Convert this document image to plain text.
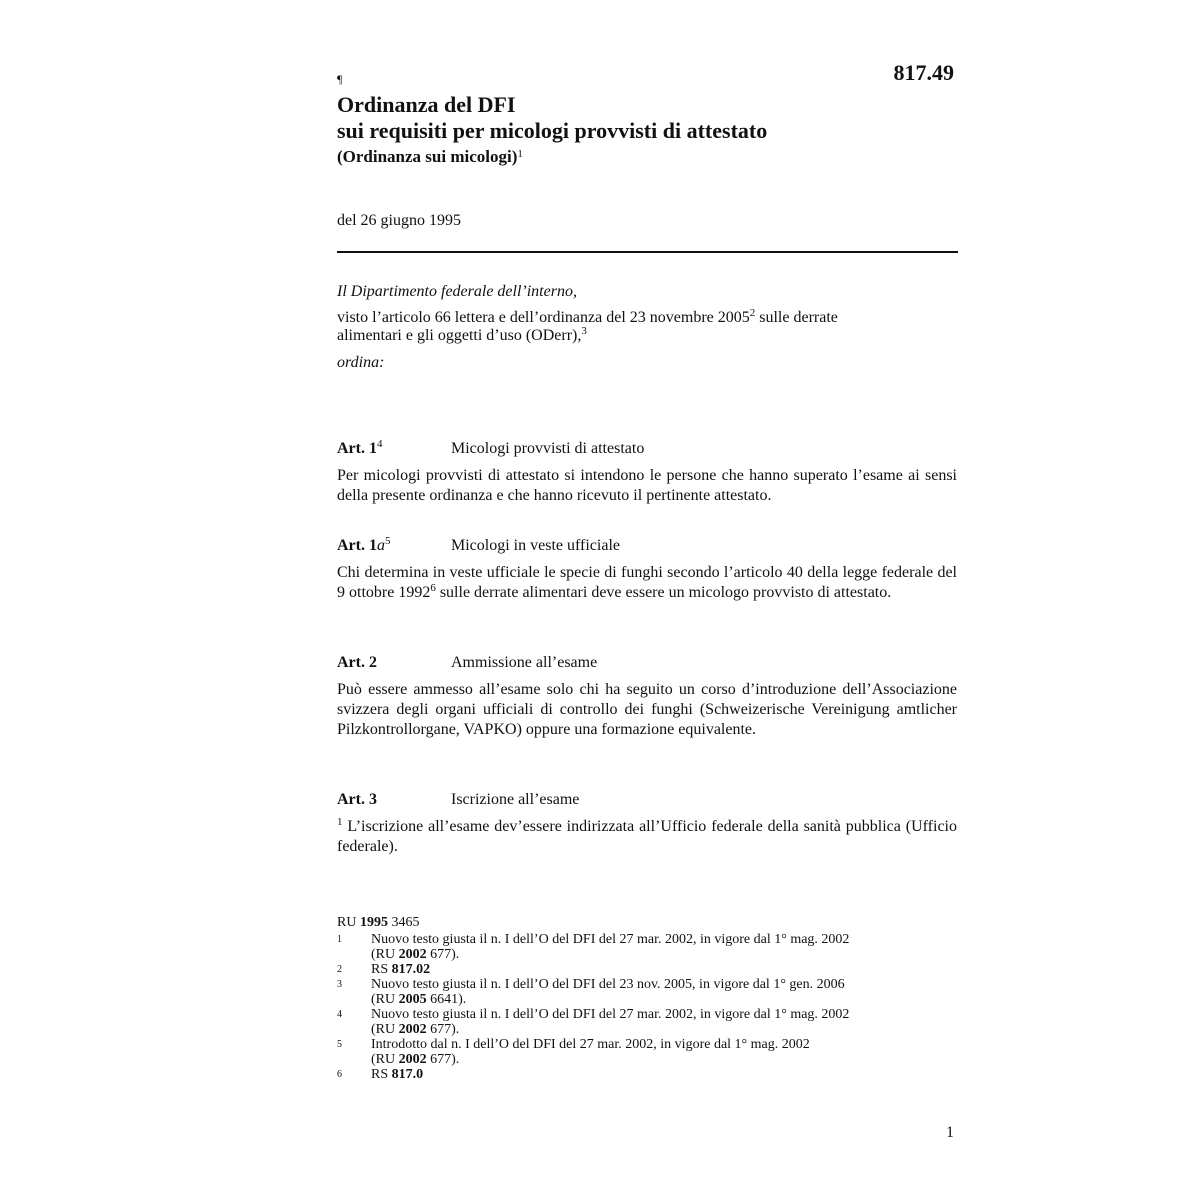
¶	817.49
Ordinanza del DFI
sui requisiti per micologi provvisti di attestato
(Ordinanza sui micologi)$^1$
del 26 giugno 1995
Il Dipartimento federale dell’interno,
visto l’articolo 66 lettera e dell’ordinanza del 23 novembre 2005$^2$ sulle derrate
alimentari e gli oggetti d’uso (ODerr),$^3$
ordina:
Art. 1$^4$	Micologi provvisti di attestato
Per micologi provvisti di attestato si intendono le persone che hanno superato l’esame ai sensi della presente ordinanza e che hanno ricevuto il pertinente attestato.
Art. 1a$^5$	Micologi in veste ufficiale
Chi determina in veste ufficiale le specie di funghi secondo l’articolo 40 della legge federale del 9 ottobre 1992$^6$ sulle derrate alimentari deve essere un micologo provvisto di attestato.
Art. 2	Ammissione all’esame
Può essere ammesso all’esame solo chi ha seguito un corso d’introduzione dell’Associazione svizzera degli organi ufficiali di controllo dei funghi (Schweizerische Vereinigung amtlicher Pilzkontrollorgane, VAPKO) oppure una formazione equivalente.
Art. 3	Iscrizione all’esame
$^1$ L’iscrizione all’esame dev’essere indirizzata all’Ufficio federale della sanità pubblica (Ufficio federale).
RU 1995 3465
1	Nuovo testo giusta il n. I dell’O del DFI del 27 mar. 2002, in vigore dal 1° mag. 2002
(RU 2002 677).
2	RS 817.02
3	Nuovo testo giusta il n. I dell’O del DFI del 23 nov. 2005, in vigore dal 1° gen. 2006
(RU 2005 6641).
4	Nuovo testo giusta il n. I dell’O del DFI del 27 mar. 2002, in vigore dal 1° mag. 2002
(RU 2002 677).
5	Introdotto dal n. I dell’O del DFI del 27 mar. 2002, in vigore dal 1° mag. 2002
(RU 2002 677).
6	RS 817.0
1
